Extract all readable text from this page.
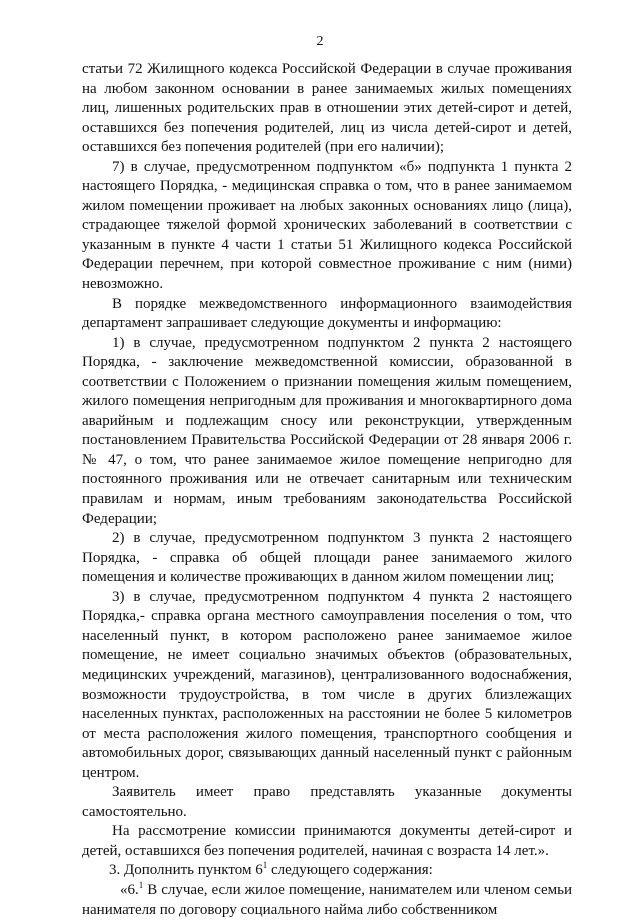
2

статьи 72 Жилищного кодекса Российской Федерации в случае проживания на любом законном основании в ранее занимаемых жилых помещениях лиц, лишенных родительских прав в отношении этих детей-сирот и детей, оставшихся без попечения родителей, лиц из числа детей-сирот и детей, оставшихся без попечения родителей (при его наличии);

7) в случае, предусмотренном подпунктом «б» подпункта 1 пункта 2 настоящего Порядка, - медицинская справка о том, что в ранее занимаемом жилом помещении проживает на любых законных основаниях лицо (лица), страдающее тяжелой формой хронических заболеваний в соответствии с указанным в пункте 4 части 1 статьи 51 Жилищного кодекса Российской Федерации перечнем, при которой совместное проживание с ним (ними) невозможно.

В порядке межведомственного информационного взаимодействия департамент запрашивает следующие документы и информацию:

1) в случае, предусмотренном подпунктом 2 пункта 2 настоящего Порядка, - заключение межведомственной комиссии, образованной в соответствии с Положением о признании помещения жилым помещением, жилого помещения непригодным для проживания и многоквартирного дома аварийным и подлежащим сносу или реконструкции, утвержденным постановлением Правительства Российской Федерации от 28 января 2006 г. № 47, о том, что ранее занимаемое жилое помещение непригодно для постоянного проживания или не отвечает санитарным или техническим правилам и нормам, иным требованиям законодательства Российской Федерации;

2) в случае, предусмотренном подпунктом 3 пункта 2 настоящего Порядка, - справка об общей площади ранее занимаемого жилого помещения и количестве проживающих в данном жилом помещении лиц;

3) в случае, предусмотренном подпунктом 4 пункта 2 настоящего Порядка,- справка органа местного самоуправления поселения о том, что населенный пункт, в котором расположено ранее занимаемое жилое помещение, не имеет социально значимых объектов (образовательных, медицинских учреждений, магазинов), централизованного водоснабжения, возможности трудоустройства, в том числе в других близлежащих населенных пунктах, расположенных на расстоянии не более 5 километров от места расположения жилого помещения, транспортного сообщения и автомобильных дорог, связывающих данный населенный пункт с районным центром.

Заявитель имеет право представлять указанные документы самостоятельно.

На рассмотрение комиссии принимаются документы детей-сирот и детей, оставшихся без попечения родителей, начиная с возраста 14 лет.».

3. Дополнить пунктом $6^1$ следующего содержания:

«6.$^1$ В случае, если жилое помещение, нанимателем или членом семьи нанимателя по договору социального найма либо собственником
